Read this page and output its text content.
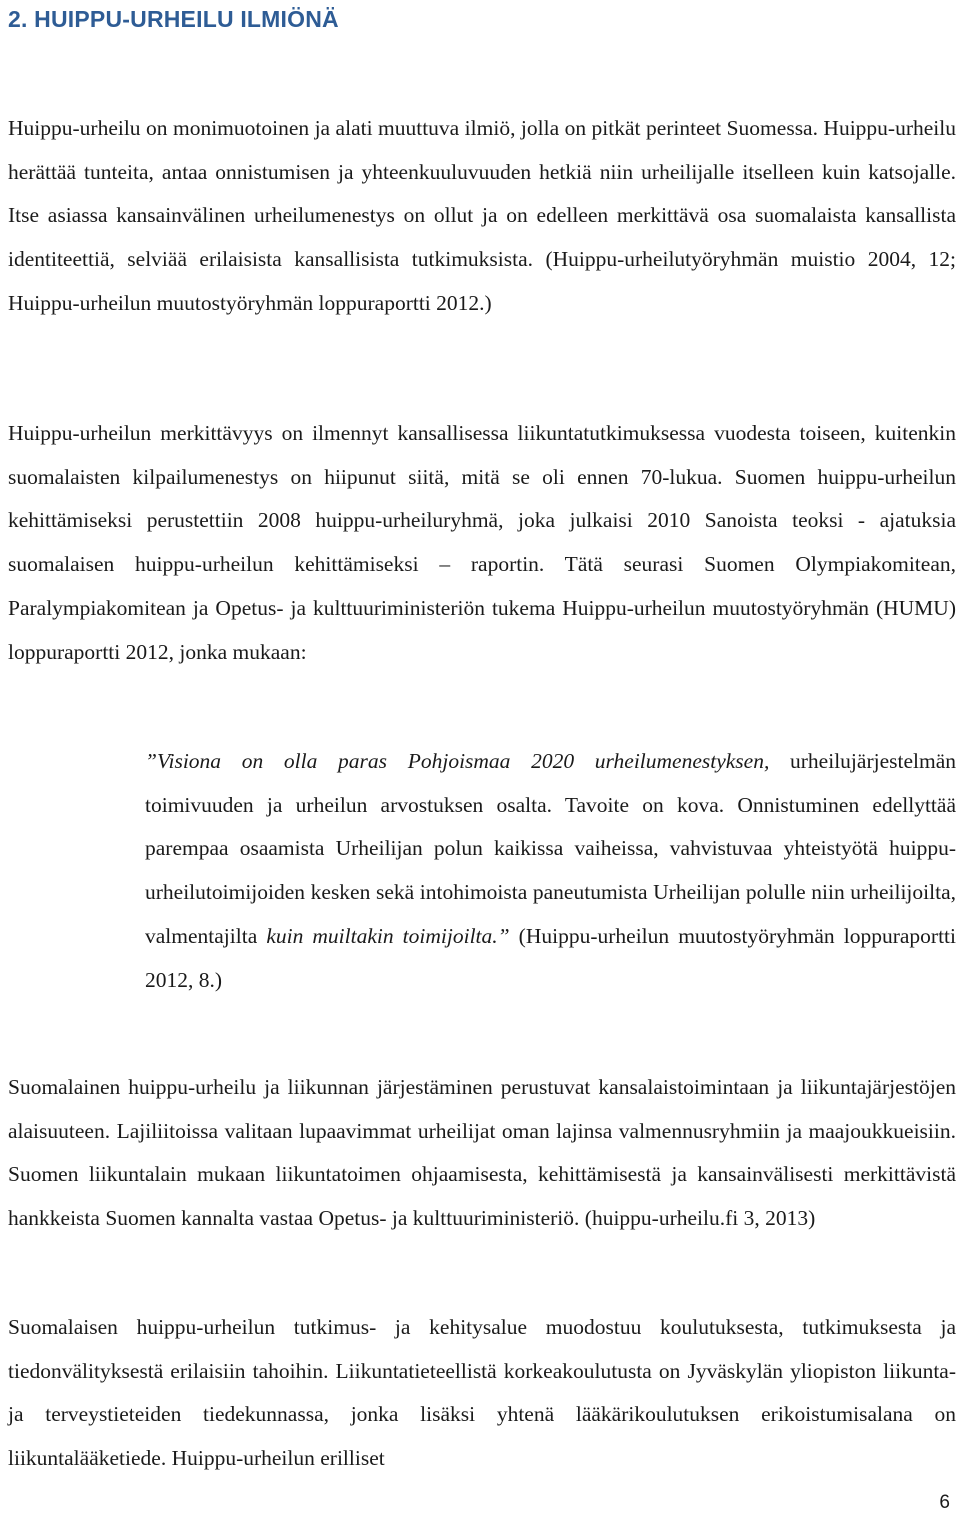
2. HUIPPU-URHEILU ILMIÖNÄ

Huippu-urheilu on monimuotoinen ja alati muuttuva ilmiö, jolla on pitkät perinteet Suomessa. Huippu-urheilu herättää tunteita, antaa onnistumisen ja yhteenkuuluvuuden hetkiä niin urheilijalle itselleen kuin katsojalle. Itse asiassa kansainvälinen urheilumenestys on ollut ja on edelleen merkittävä osa suomalaista kansallista identiteettiä, selviää erilaisista kansallisista tutkimuksista. (Huippu-urheilutyöryhmän muistio 2004, 12; Huippu-urheilun muutostyöryhmän loppuraportti 2012.)

Huippu-urheilun merkittävyys on ilmennyt kansallisessa liikuntatutkimuksessa vuodesta toiseen, kuitenkin suomalaisten kilpailumenestys on hiipunut siitä, mitä se oli ennen 70-lukua. Suomen huippu-urheilun kehittämiseksi perustettiin 2008 huippu-urheiluryhmä, joka julkaisi 2010 Sanoista teoksi - ajatuksia suomalaisen huippu-urheilun kehittämiseksi – raportin. Tätä seurasi Suomen Olympiakomitean, Paralympiakomitean ja Opetus- ja kulttuuriministeriön tukema Huippu-urheilun muutostyöryhmän (HUMU) loppuraportti 2012, jonka mukaan:

”Visiona on olla paras Pohjoismaa 2020 urheilumenestyksen, urheilujärjestelmän toimivuuden ja urheilun arvostuksen osalta. Tavoite on kova. Onnistuminen edellyttää parempaa osaamista Urheilijan polun kaikissa vaiheissa, vahvistuvaa yhteistyötä huippu-urheilutoimijoiden kesken sekä intohimoista paneutumista Urheilijan polulle niin urheilijoilta, valmentajilta kuin muiltakin toimijoilta.” (Huippu-urheilun muutostyöryhmän loppuraportti 2012, 8.)

Suomalainen huippu-urheilu ja liikunnan järjestäminen perustuvat kansalaistoimintaan ja liikuntajärjestöjen alaisuuteen. Lajiliitoissa valitaan lupaavimmat urheilijat oman lajinsa valmennusryhmiin ja maajoukkueisiin. Suomen liikuntalain mukaan liikuntatoimen ohjaamisesta, kehittämisestä ja kansainvälisesti merkittävistä hankkeista Suomen kannalta vastaa Opetus- ja kulttuuriministeriö. (huippu-urheilu.fi 3, 2013)

Suomalaisen huippu-urheilun tutkimus- ja kehitysalue muodostuu koulutuksesta, tutkimuksesta ja tiedonvälityksestä erilaisiin tahoihin. Liikuntatieteellistä korkeakoulutusta on Jyväskylän yliopiston liikunta- ja terveystieteiden tiedekunnassa, jonka lisäksi yhtenä lääkärikoulutuksen erikoistumisalana on liikuntalääketiede. Huippu-urheilun erilliset

6
